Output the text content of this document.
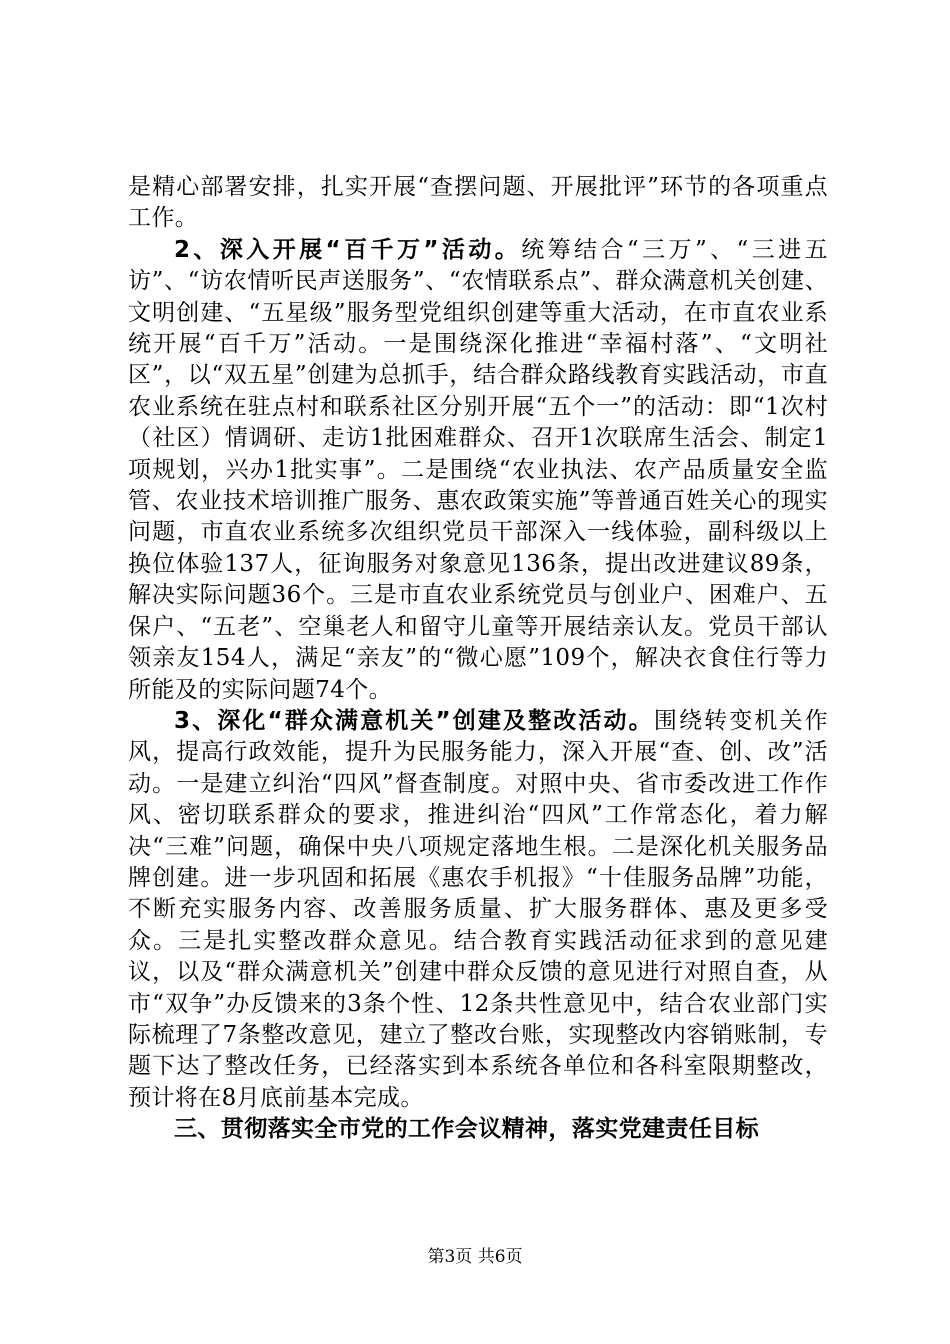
是精心部署安排，扎实开展“查摆问题、开展批评”环节的各项重点工作。

2、深入开展“百千万”活动。统筹结合“三万”、“三进五访”、“访农情听民声送服务”、“农情联系点”、群众满意机关创建、文明创建、“五星级”服务型党组织创建等重大活动，在市直农业系统开展“百千万”活动。一是围绕深化推进“幸福村落”、“文明社区”，以“双五星”创建为总抓手，结合群众路线教育实践活动，市直农业系统在驻点村和联系社区分别开展“五个一”的活动：即“1次村（社区）情调研、走访1批困难群众、召开1次联席生活会、制定1项规划，兴办1批实事”。二是围绕“农业执法、农产品质量安全监管、农业技术培训推广服务、惠农政策实施”等普通百姓关心的现实问题，市直农业系统多次组织党员干部深入一线体验，副科级以上换位体验137人，征询服务对象意见136条，提出改进建议89条，解决实际问题36个。三是市直农业系统党员与创业户、困难户、五保户、“五老”、空巢老人和留守儿童等开展结亲认友。党员干部认领亲友154人，满足“亲友”的“微心愿”109个，解决衣食住行等力所能及的实际问题74个。

3、深化“群众满意机关”创建及整改活动。围绕转变机关作风，提高行政效能，提升为民服务能力，深入开展“查、创、改”活动。一是建立纠治“四风”督查制度。对照中央、省市委改进工作作风、密切联系群众的要求，推进纠治“四风”工作常态化，着力解决“三难”问题，确保中央八项规定落地生根。二是深化机关服务品牌创建。进一步巩固和拓展《惠农手机报》“十佳服务品牌”功能，不断充实服务内容、改善服务质量、扩大服务群体、惠及更多受众。三是扎实整改群众意见。结合教育实践活动征求到的意见建议，以及“群众满意机关”创建中群众反馈的意见进行对照自查，从市“双争”办反馈来的3条个性、12条共性意见中，结合农业部门实际梳理了7条整改意见，建立了整改台账，实现整改内容销账制，专题下达了整改任务，已经落实到本系统各单位和各科室限期整改，预计将在8月底前基本完成。

三、贯彻落实全市党的工作会议精神，落实党建责任目标

第3页 共6页
